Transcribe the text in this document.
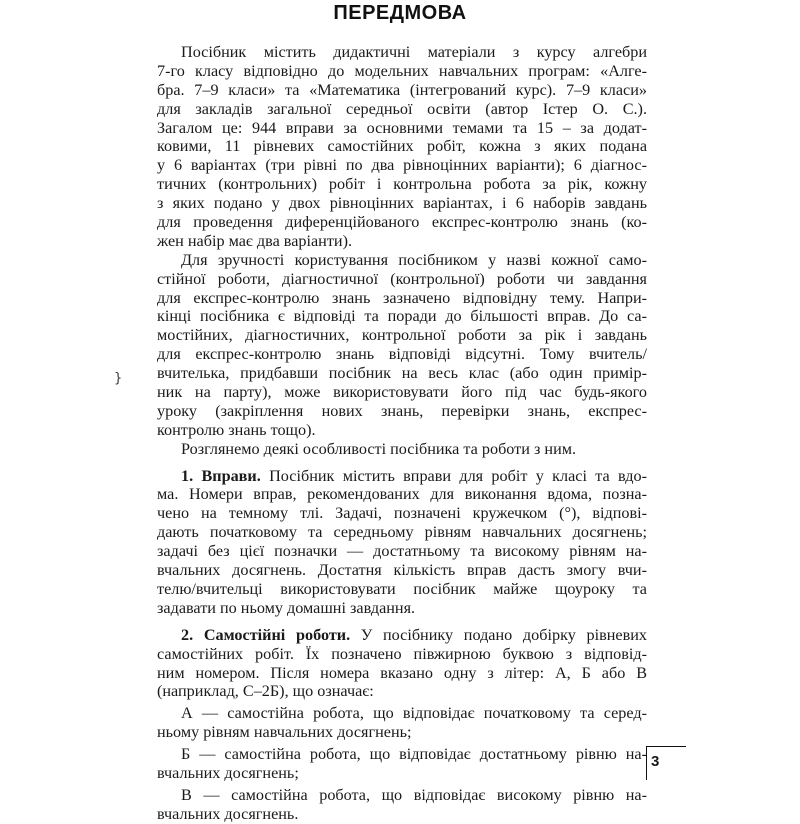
ПЕРЕДМОВА
}
Посібник містить дидактичні матеріали з курсу алгебри
7-го класу відповідно до модельних навчальних програм: «Алге-
бра. 7–9 класи» та «Математика (інтегрований курс). 7–9 класи»
для закладів загальної середньої освіти (автор Істер О. С.).
Загалом це: 944 вправи за основними темами та 15 – за додат-
ковими, 11 рівневих самостійних робіт, кожна з яких подана
у 6 варіантах (три рівні по два рівноцінних варіанти); 6 діагнос-
тичних (контрольних) робіт і контрольна робота за рік, кожну
з яких подано у двох рівноцінних варіантах, і 6 наборів завдань
для проведення диференційованого експрес-контролю знань (ко-
жен набір має два варіанти).
Для зручності користування посібником у назві кожної само-
стійної роботи, діагностичної (контрольної) роботи чи завдання
для експрес-контролю знань зазначено відповідну тему. Напри-
кінці посібника є відповіді та поради до більшості вправ. До са-
мостійних, діагностичних, контрольної роботи за рік і завдань
для експрес-контролю знань відповіді відсутні. Тому вчитель/
вчителька, придбавши посібник на весь клас (або один примір-
ник на парту), може використовувати його під час будь-якого
уроку (закріплення нових знань, перевірки знань, експрес-
контролю знань тощо).
Розглянемо деякі особливості посібника та роботи з ним.
1. Вправи. Посібник містить вправи для робіт у класі та вдо-
ма. Номери вправ, рекомендованих для виконання вдома, позна-
чено на темному тлі. Задачі, позначені кружечком (°), відпові-
дають початковому та середньому рівням навчальних досягнень;
задачі без цієї позначки — достатньому та високому рівням на-
вчальних досягнень. Достатня кількість вправ дасть змогу вчи-
телю/вчительці використовувати посібник майже щоуроку та
задавати по ньому домашні завдання.
2. Самостійні роботи. У посібнику подано добірку рівневих
самостійних робіт. Їх позначено півжирною буквою з відповід-
ним номером. Після номера вказано одну з літер: А, Б або В
(наприклад, С–2Б), що означає:
А — самостійна робота, що відповідає початковому та серед-
ньому рівням навчальних досягнень;
Б — самостійна робота, що відповідає достатньому рівню на-
вчальних досягнень;
В — самостійна робота, що відповідає високому рівню на-
вчальних досягнень.
3
